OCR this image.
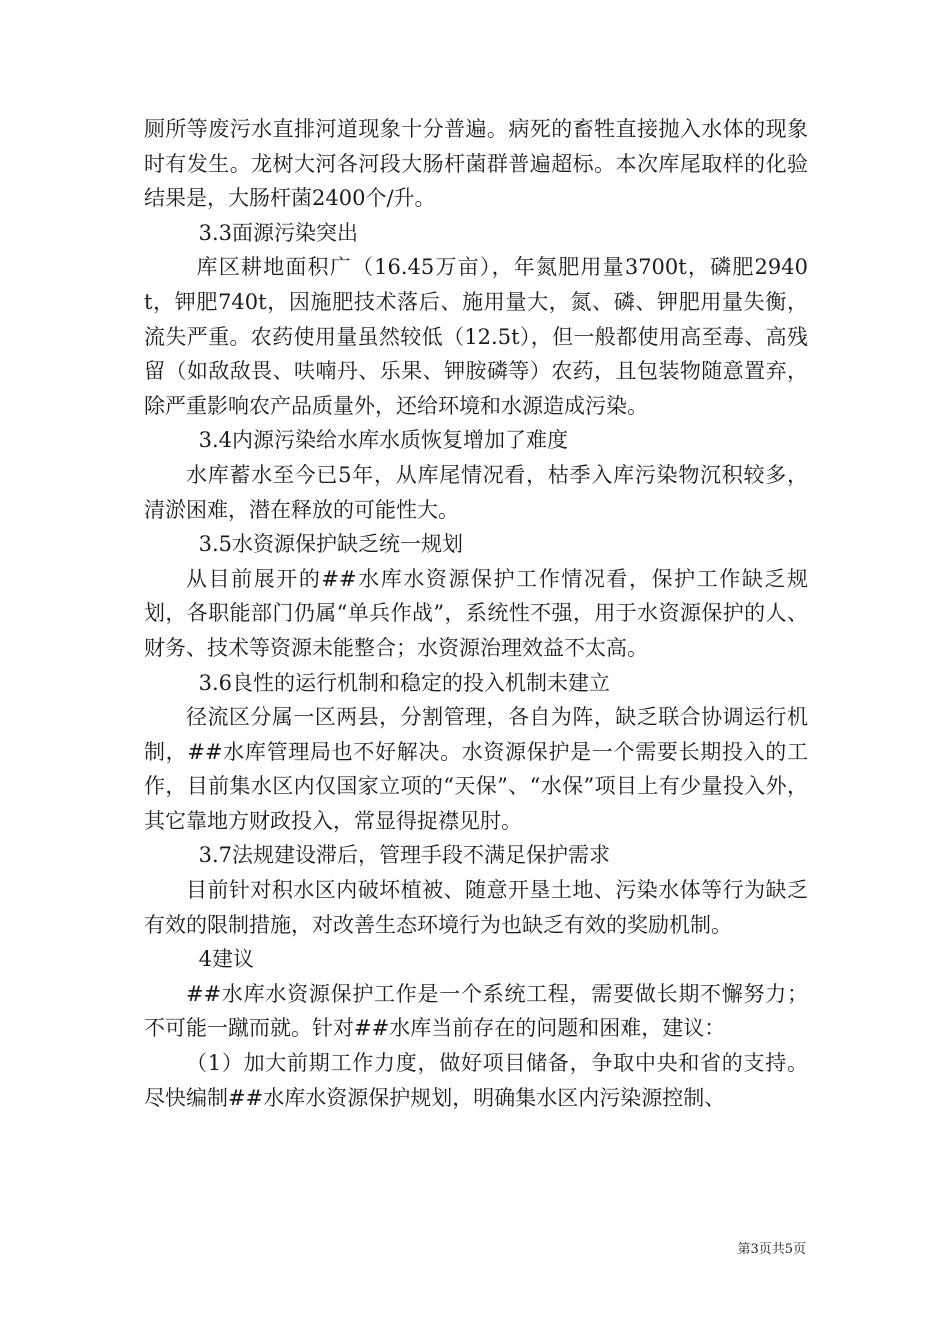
厕所等废污水直排河道现象十分普遍。病死的畜牲直接抛入水体的现象时有发生。龙树大河各河段大肠杆菌群普遍超标。本次库尾取样的化验结果是，大肠杆菌2400个/升。

3.3面源污染突出

库区耕地面积广（16.45万亩），年氮肥用量3700t，磷肥2940t，钾肥740t，因施肥技术落后、施用量大，氮、磷、钾肥用量失衡，流失严重。农药使用量虽然较低（12.5t），但一般都使用高至毒、高残留（如敌敌畏、呋喃丹、乐果、钾胺磷等）农药，且包装物随意置弃，除严重影响农产品质量外，还给环境和水源造成污染。

3.4内源污染给水库水质恢复增加了难度

水库蓄水至今已5年，从库尾情况看，枯季入库污染物沉积较多，清淤困难，潜在释放的可能性大。

3.5水资源保护缺乏统一规划

从目前展开的##水库水资源保护工作情况看，保护工作缺乏规划，各职能部门仍属“单兵作战”，系统性不强，用于水资源保护的人、财务、技术等资源未能整合；水资源治理效益不太高。

3.6良性的运行机制和稳定的投入机制未建立

径流区分属一区两县，分割管理，各自为阵，缺乏联合协调运行机制，##水库管理局也不好解决。水资源保护是一个需要长期投入的工作，目前集水区内仅国家立项的“天保”、“水保”项目上有少量投入外，其它靠地方财政投入，常显得捉襟见肘。

3.7法规建设滞后，管理手段不满足保护需求

目前针对积水区内破坏植被、随意开垦土地、污染水体等行为缺乏有效的限制措施，对改善生态环境行为也缺乏有效的奖励机制。

4建议

##水库水资源保护工作是一个系统工程，需要做长期不懈努力；不可能一蹴而就。针对##水库当前存在的问题和困难，建议：

（1）加大前期工作力度，做好项目储备，争取中央和省的支持。尽快编制##水库水资源保护规划，明确集水区内污染源控制、

第3页共5页
